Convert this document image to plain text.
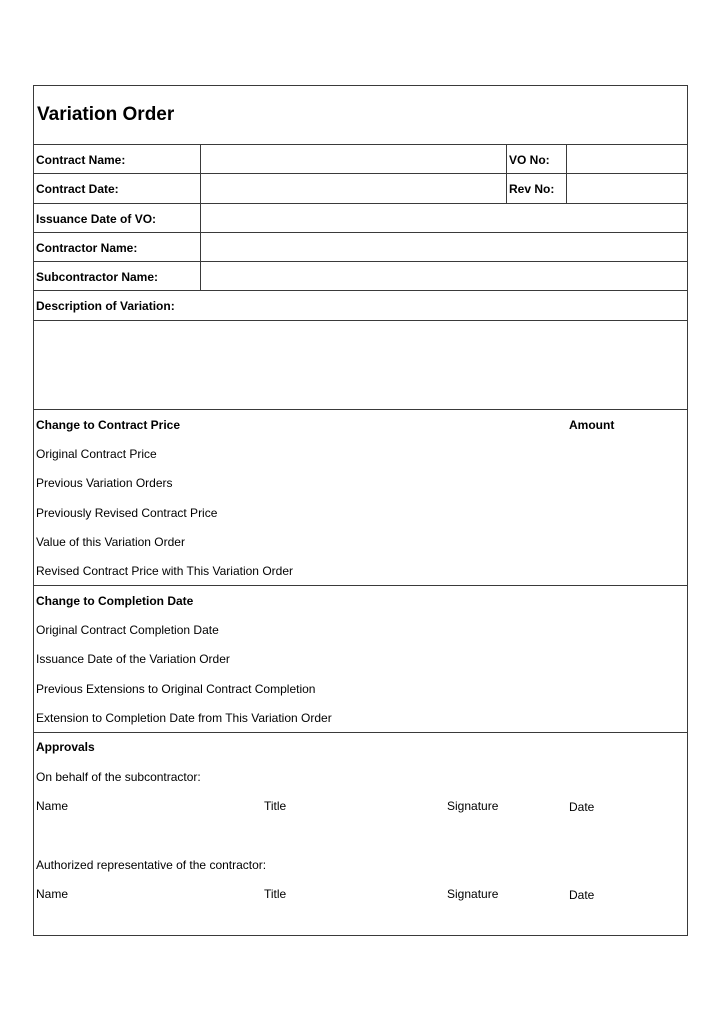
Variation Order
Contract Name:	VO No:
Contract Date:	Rev No:
Issuance Date of VO:
Contractor Name:
Subcontractor Name:
Description of Variation:
Change to Contract Price	Amount
Original Contract Price
Previous Variation Orders
Previously Revised Contract Price
Value of this Variation Order
Revised Contract Price with This Variation Order
Change to Completion Date
Original Contract Completion Date
Issuance Date of the Variation Order
Previous Extensions to Original Contract Completion
Extension to Completion Date from This Variation Order
Approvals
On behalf of the subcontractor:
Name	Title	Signature	Date
Authorized representative of the contractor:
Name	Title	Signature	Date
